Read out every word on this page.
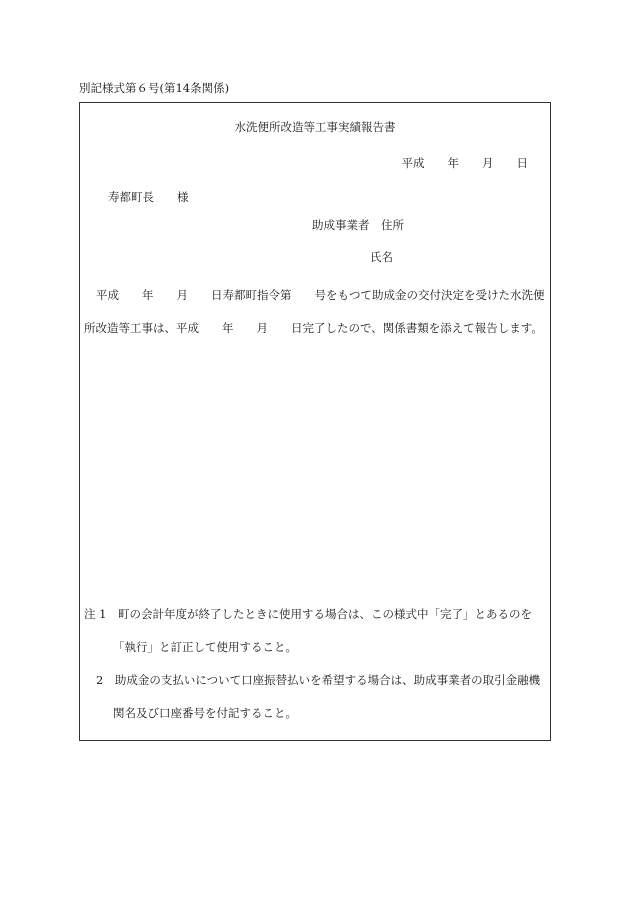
別記様式第６号(第14条関係)
水洗便所改造等工事実績報告書
平成　　年　　月　　日
寿都町長　　様
助成事業者　住所
氏名
平成　　年　　月　　日寿都町指令第　　号をもつて助成金の交付決定を受けた水洗便所改造等工事は、平成　　年　　月　　日完了したので、関係書類を添えて報告します。
注 1　町の会計年度が終了したときに使用する場合は、この様式中「完了」とあるのを
「執行」と訂正して使用すること。
2　助成金の支払いについて口座振替払いを希望する場合は、助成事業者の取引金融機
関名及び口座番号を付記すること。
